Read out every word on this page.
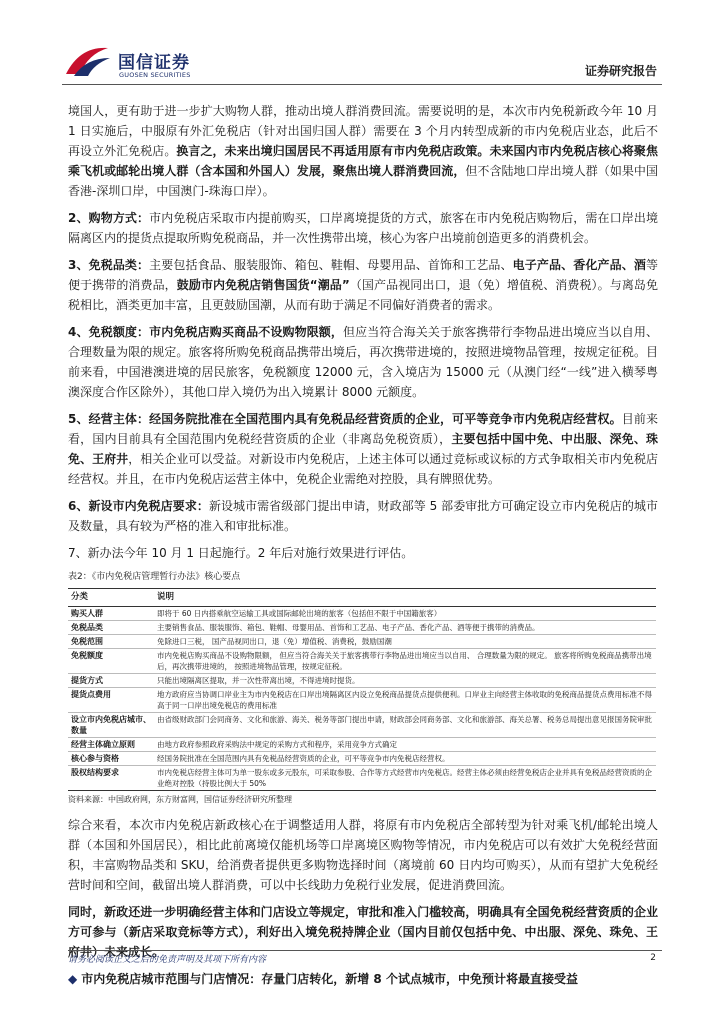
国信证券
GUOSEN SECURITIES	证券研究报告

境国人，更有助于进一步扩大购物人群，推动出境人群消费回流。需要说明的是，本次市内免税新政今年 10 月 1 日实施后，中服原有外汇免税店（针对出国归国人群）需要在 3 个月内转型成新的市内免税店业态，此后不再设立外汇免税店。换言之，未来出境归国居民不再适用原有市内免税店政策。未来国内市内免税店核心将聚焦乘飞机或邮轮出境人群（含本国和外国人）发展，聚焦出境人群消费回流，但不含陆地口岸出境人群（如果中国香港-深圳口岸，中国澳门-珠海口岸）。

2、购物方式：市内免税店采取市内提前购买，口岸离境提货的方式，旅客在市内免税店购物后，需在口岸出境隔离区内的提货点提取所购免税商品，并一次性携带出境，核心为客户出境前创造更多的消费机会。

3、免税品类：主要包括食品、服装服饰、箱包、鞋帽、母婴用品、首饰和工艺品、电子产品、香化产品、酒等便于携带的消费品，鼓励市内免税店销售国货“潮品”（国产品视同出口，退（免）增值税、消费税）。与离岛免税相比，酒类更加丰富，且更鼓励国潮，从而有助于满足不同偏好消费者的需求。

4、免税额度：市内免税店购买商品不设购物限额，但应当符合海关关于旅客携带行李物品进出境应当以自用、合理数量为限的规定。旅客将所购免税商品携带出境后，再次携带进境的，按照进境物品管理，按规定征税。目前来看，中国港澳进境的居民旅客，免税额度 12000 元，含入境店为 15000 元（从澳门经“一线”进入横琴粤澳深度合作区除外），其他口岸入境仍为出入境累计 8000 元额度。

5、经营主体：经国务院批准在全国范围内具有免税品经营资质的企业，可平等竞争市内免税店经营权。目前来看，国内目前具有全国范围内免税经营资质的企业（非离岛免税资质），主要包括中国中免、中出服、深免、珠免、王府井，相关企业可以受益。对新设市内免税店，上述主体可以通过竞标或议标的方式争取相关市内免税店经营权。并且，在市内免税店运营主体中，免税企业需绝对控股，具有牌照优势。

6、新设市内免税店要求：新设城市需省级部门提出申请，财政部等 5 部委审批方可确定设立市内免税店的城市及数量，具有较为严格的准入和审批标准。

7、新办法今年 10 月 1 日起施行。2 年后对施行效果进行评估。

表2：《市内免税店管理暂行办法》核心要点
分类	说明
购买人群	即将于 60 日内搭乘航空运输工具或国际邮轮出境的旅客（包括但不限于中国籍旅客）
免税品类	主要销售食品、服装服饰、箱包、鞋帽、母婴用品、首饰和工艺品、电子产品、香化产品、酒等便于携带的消费品。
免税范围	免除进口三税， 国产品视同出口，退（免）增值税、消费税，鼓励国潮
免税额度	市内免税店购买商品不设购物限额， 但应当符合海关关于旅客携带行李物品进出境应当以自用、 合理数量为限的规定。 旅客将所购免税商品携带出境后，再次携带进境的， 按照进境物品管理，按规定征税。
提货方式	只能出境隔离区提取，并一次性带离出境，不得进境时提货。
提货点费用	地方政府应当协调口岸业主为市内免税店在口岸出境隔离区内设立免税商品提货点提供便利。口岸业主向经营主体收取的免税商品提货点费用标准不得高于同一口岸出境免税店的费用标准
设立市内免税店城市、数量	由省级财政部门会同商务、文化和旅游、海关、税务等部门提出申请，财政部会同商务部、文化和旅游部、海关总署、税务总局提出意见报国务院审批
经营主体确立原则	由地方政府参照政府采购法中规定的采购方式和程序，采用竞争方式确定
核心参与资格	经国务院批准在全国范围内具有免税品经营资质的企业，可平等竞争市内免税店经营权。
股权结构要求	市内免税店经营主体可为单一股东或多元股东，可采取参股、合作等方式经营市内免税店。经营主体必须由经营免税店企业并具有免税品经营资质的企业绝对控股（持股比例大于 50%
资料来源：中国政府网，东方财富网，国信证券经济研究所整理

综合来看，本次市内免税店新政核心在于调整适用人群，将原有市内免税店全部转型为针对乘飞机/邮轮出境人群（本国和外国居民），相比此前离境仅能机场等口岸离境区购物等情况，市内免税店可以有效扩大免税经营面积，丰富购物品类和 SKU，给消费者提供更多购物选择时间（离境前 60 日内均可购买），从而有望扩大免税经营时间和空间，截留出境人群消费，可以中长线助力免税行业发展，促进消费回流。

同时，新政还进一步明确经营主体和门店设立等规定，审批和准入门槛较高，明确具有全国免税经营资质的企业方可参与（新店采取竞标等方式），利好出入境免税持牌企业（国内目前仅包括中免、中出服、深免、珠免、王府井）未来成长。

◆ 市内免税店城市范围与门店情况：存量门店转化，新增 8 个试点城市，中免预计将最直接受益
请务必阅读正文之后的免责声明及其项下所有内容	2
